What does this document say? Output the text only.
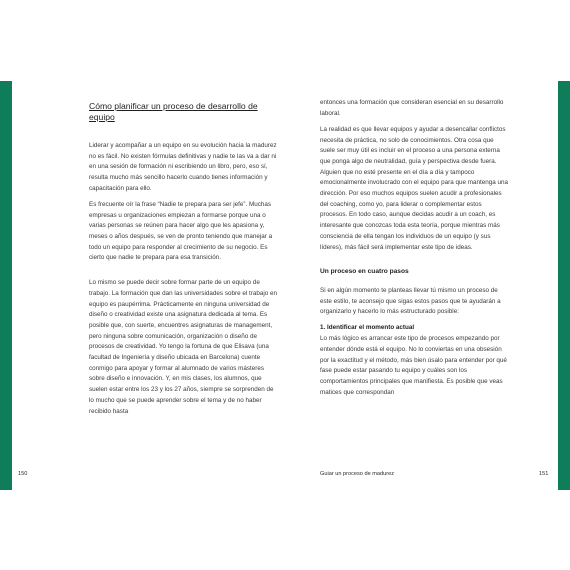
Cómo planificar un proceso de desarrollo de equipo

Liderar y acompañar a un equipo en su evolución hacia la madurez no es fácil. No existen fórmulas definitivas y nadie te las va a dar ni en una sesión de formación ni escribiendo un libro, pero, eso sí, resulta mucho más sencillo hacerlo cuando tienes información y capacitación para ello.

Es frecuente oír la frase “Nadie te prepara para ser jefe”. Muchas empresas u organizaciones empiezan a formarse porque una o varias personas se reúnen para hacer algo que les apasiona y, meses o años después, se ven de pronto teniendo que manejar a todo un equipo para responder al crecimiento de su negocio. Es cierto que nadie te prepara para esa transición.

Lo mismo se puede decir sobre formar parte de un equipo de trabajo. La formación que dan las universidades sobre el trabajo en equipo es paupérrima. Prácticamente en ninguna universidad de diseño o creatividad existe una asignatura dedicada al tema. Es posible que, con suerte, encuentres asignaturas de management, pero ninguna sobre comunicación, organización o diseño de procesos de creatividad. Yo tengo la fortuna de que Elisava (una facultad de Ingeniería y diseño ubicada en Barcelona) cuente conmigo para apoyar y formar al alumnado de varios másteres sobre diseño e innovación. Y, en mis clases, los alumnos, que suelen estar entre los 23 y los 27 años, siempre se sorprenden de lo mucho que se puede aprender sobre el tema y de no haber recibido hasta

entonces una formación que consideran esencial en su desarrollo laboral.

La realidad es que llevar equipos y ayudar a desencallar conflictos necesita de práctica, no solo de conocimientos. Otra cosa que suele ser muy útil es incluir en el proceso a una persona externa que ponga algo de neutralidad, guía y perspectiva desde fuera. Alguien que no esté presente en el día a día y tampoco emocionalmente involucrado con el equipo para que mantenga una dirección. Por eso muchos equipos suelen acudir a profesionales del coaching, como yo, para liderar o complementar estos procesos. En todo caso, aunque decidas acudir a un coach, es interesante que conozcas toda esta teoría, porque mientras más consciencia de ella tengan los individuos de un equipo (y sus líderes), más fácil será implementar este tipo de ideas.

Un proceso en cuatro pasos

Si en algún momento te planteas llevar tú mismo un proceso de este estilo, te aconsejo que sigas estos pasos que te ayudarán a organizarlo y hacerlo lo más estructurado posible:

1. Identificar el momento actual

Lo más lógico es arrancar este tipo de procesos empezando por entender dónde está el equipo. No lo conviertas en una obsesión por la exactitud y el método, más bien úsalo para entender por qué fase puede estar pasando tu equipo y cuáles son los comportamientos principales que manifiesta. Es posible que veas matices que correspondan

150	Guiar un proceso de madurez	151
